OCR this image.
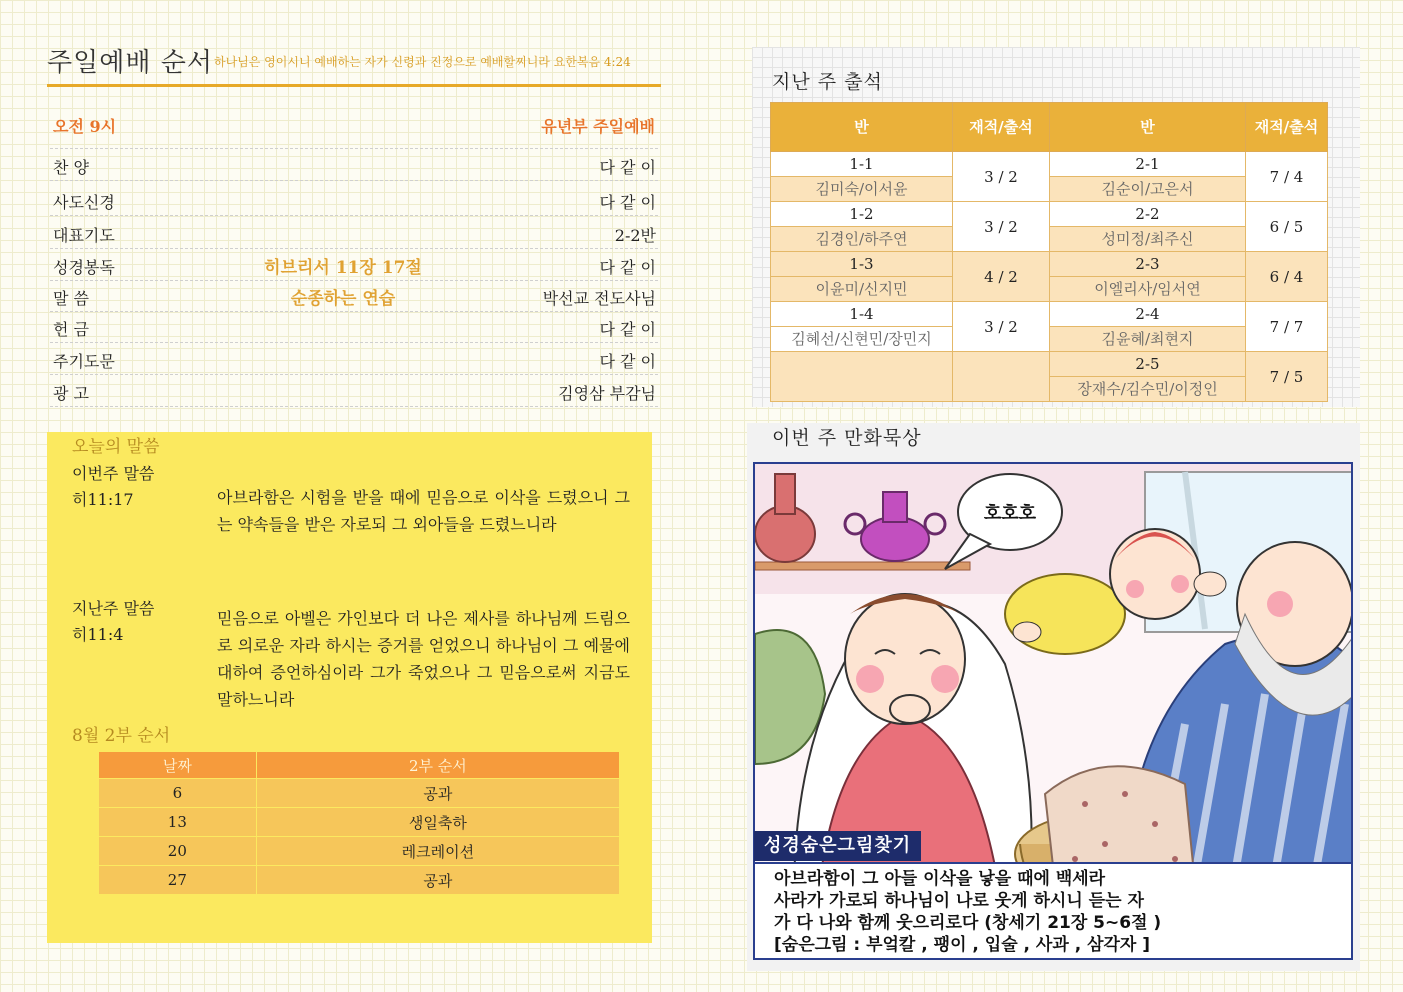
주일예배 순서 하나님은 영이시니 예배하는 자가 신령과 진정으로 예배할찌니라 요한복음 4:24
오전 9시	유년부 주일예배
찬 양	다 같 이
사도신경	다 같 이
대표기도	2-2반
성경봉독	히브리서 11장 17절	다 같 이
말 씀	순종하는 연습	박선교 전도사님
헌 금	다 같 이
주기도문	다 같 이
광 고	김영삼 부감님
오늘의 말씀
이번주 말씀
히11:17	아브라함은 시험을 받을 때에 믿음으로 이삭을 드렸으니 그는 약속들을 받은 자로되 그 외아들을 드렸느니라
지난주 말씀
히11:4
믿음으로 아벨은 가인보다 더 나은 제사를 하나님께 드림으로 의로운 자라 하시는 증거를 얻었으니 하나님이 그 예물에 대하여 증언하심이라 그가 죽었으나 그 믿음으로써 지금도 말하느니라
8월 2부 순서
날짜	2부 순서
6	공과
13	생일축하
20	레크레이션
27	공과
지난 주 출석
반	재적/출석	반	재적/출석
1-1	3 / 2	2-1	7 / 4
김미숙/이서윤		김순이/고은서	
1-2	3 / 2	2-2	6 / 5
김경인/하주연		성미정/최주신	
1-3	4 / 2	2-3	6 / 4
이윤미/신지민		이엘리사/임서연	
1-4	3 / 2	2-4	7 / 7
김혜선/신현민/장민지		김윤혜/최현지	
		2-5	7 / 5
		장재수/김수민/이정인	
이번 주 만화묵상
호호호
성경숨은그림찾기
아브라함이 그 아들 이삭을 낳을 때에 백세라
사라가 가로되 하나님이 나로 웃게 하시니 듣는 자
가 다 나와 함께 웃으리로다 (창세기 21장 5~6절 )
[숨은그림 : 부엌칼 , 팽이 , 입술 , 사과 , 삼각자 ]
